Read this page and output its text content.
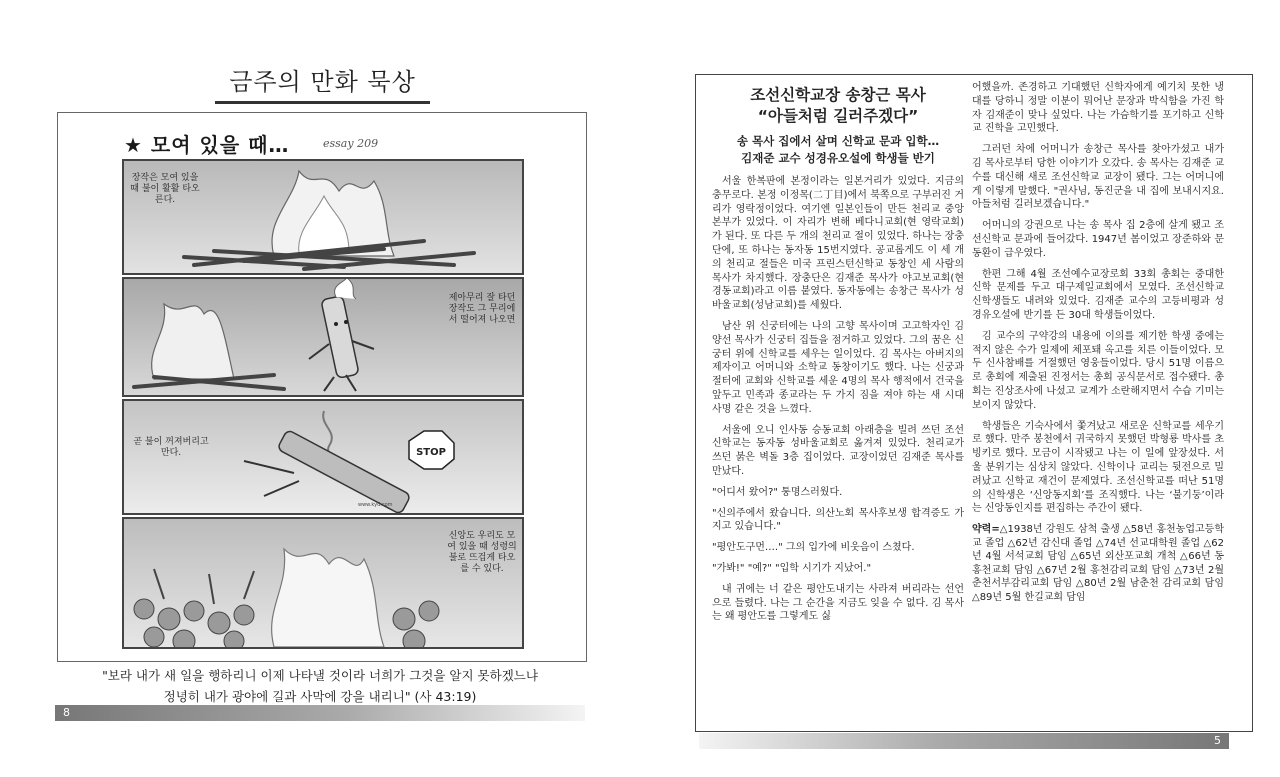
금주의 만화 묵상
★ 모여 있을 때…	essay 209
장작은 모여 있을 때 불이 활활 타오른다.
제아무리 잘 타던 장작도 그 무리에서 떨어져 나오면
STOP
곧 불이 꺼져버리고 만다.
www.kyd.com
신앙도 우리도 모여 있을 때 성령의 불로 뜨겁게 타오를 수 있다.
"보라 내가 새 일을 행하리니 이제 나타낼 것이라 너희가 그것을 알지 못하겠느냐
정녕히 내가 광야에 길과 사막에 강을 내리니" (사 43:19)
8
조선신학교장 송창근 목사
“아들처럼 길러주겠다”
송 목사 집에서 살며 신학교 문과 입학…
김재준 교수 성경유오설에 학생들 반기

서울 한복판에 본정이라는 일본거리가 있었다. 지금의 충무로다. 본정 이정목(二丁目)에서 북쪽으로 구부러진 거리가 영락정이었다. 여기엔 일본인들이 만든 천리교 중앙본부가 있었다. 이 자리가 변해 베다니교회(현 영락교회)가 된다. 또 다른 두 개의 천리교 절이 있었다. 하나는 장충단에, 또 하나는 동자동 15번지였다. 공교롭게도 이 세 개의 천리교 절들은 미국 프린스턴신학교 동창인 세 사람의 목사가 차지했다. 장충단은 김재준 목사가 야고보교회(현 경동교회)라고 이름 붙였다. 동자동에는 송창근 목사가 성바울교회(성남교회)를 세웠다.

남산 위 신궁터에는 나의 고향 목사이며 고고학자인 김양선 목사가 신궁터 집들을 점거하고 있었다. 그의 꿈은 신궁터 위에 신학교를 세우는 일이었다. 김 목사는 아버지의 제자이고 어머니와 소학교 동창이기도 했다. 나는 신궁과 절터에 교회와 신학교를 세운 4명의 목사 행적에서 건국을 앞두고 민족과 종교라는 두 가지 짐을 져야 하는 새 시대 사명 같은 것을 느꼈다.

서울에 오니 인사동 승동교회 아래층을 빌려 쓰던 조선신학교는 동자동 성바울교회로 옮겨져 있었다. 천리교가 쓰던 붉은 벽돌 3층 집이었다. 교장이었던 김재준 목사를 만났다.

"어디서 왔어?" 퉁명스러웠다.

"신의주에서 왔습니다. 의산노회 목사후보생 합격증도 가지고 있습니다."

"평안도구먼…." 그의 입가에 비웃음이 스쳤다.

"가봐!" "예?" "입학 시기가 지났어."

내 귀에는 너 같은 평안도내기는 사라져 버리라는 선언으로 들렸다. 나는 그 순간을 지금도 잊을 수 없다. 김 목사는 왜 평안도를 그렇게도 싫

어했을까. 존경하고 기대했던 신학자에게 예기치 못한 냉대를 당하니 정말 이분이 뭐어난 문장과 박식함을 가진 학자 김재준이 맞나 싶었다. 나는 가슴학기를 포기하고 신학교 진학을 고민했다.

그러던 차에 어머니가 송창근 목사를 찾아가셨고 내가 김 목사로부터 당한 이야기가 오갔다. 송 목사는 김재준 교수를 대신해 새로 조선신학교 교장이 됐다. 그는 어머니에게 이렇게 말했다. "권사님, 동진군을 내 집에 보내시지요. 아들처럼 길러보겠습니다."

어머니의 강권으로 나는 송 목사 집 2층에 살게 됐고 조선신학교 문과에 들어갔다. 1947년 봄이었고 장준하와 문동환이 급우였다.

한편 그해 4월 조선예수교장로회 33회 총회는 중대한 신학 문제를 두고 대구제일교회에서 모였다. 조선신학교 신학생들도 내려와 있었다. 김재준 교수의 고등비평과 성경유오설에 반기를 든 30대 학생들이었다.

김 교수의 구약강의 내용에 이의를 제기한 학생 중에는 적지 않은 수가 일제에 체포돼 옥고를 치른 이들이었다. 모두 신사참배를 거절했던 영웅들이었다. 당시 51명 이름으로 총회에 제출된 진정서는 총회 공식문서로 접수됐다. 총회는 진상조사에 나섰고 교계가 소란해지면서 수습 기미는 보이지 않았다.

학생들은 기숙사에서 쫓겨났고 새로운 신학교를 세우기로 했다. 만주 봉천에서 귀국하지 못했던 박형룡 박사를 초빙키로 했다. 모금이 시작됐고 나는 이 일에 앞장섰다. 서울 분위기는 심상치 않았다. 신학이나 교리는 뒷전으로 밀려났고 신학교 재건이 문제였다. 조선신학교를 떠난 51명의 신학생은 ‘신앙동지회’를 조직했다. 나는 ‘불기둥’이라는 신앙동인지를 편집하는 주간이 됐다.

약력=△1938년 강원도 삼척 출생 △58년 홍천농업고등학교 졸업 △62년 감신대 졸업 △74년 선교대학원 졸업 △62년 4월 서석교회 담임 △65년 외산포교회 개척 △66년 동홍천교회 담임 △67년 2월 홍천감리교회 담임 △73년 2월 춘천서부감리교회 담임 △80년 2월 남춘천 감리교회 담임 △89년 5월 한길교회 담임
5
